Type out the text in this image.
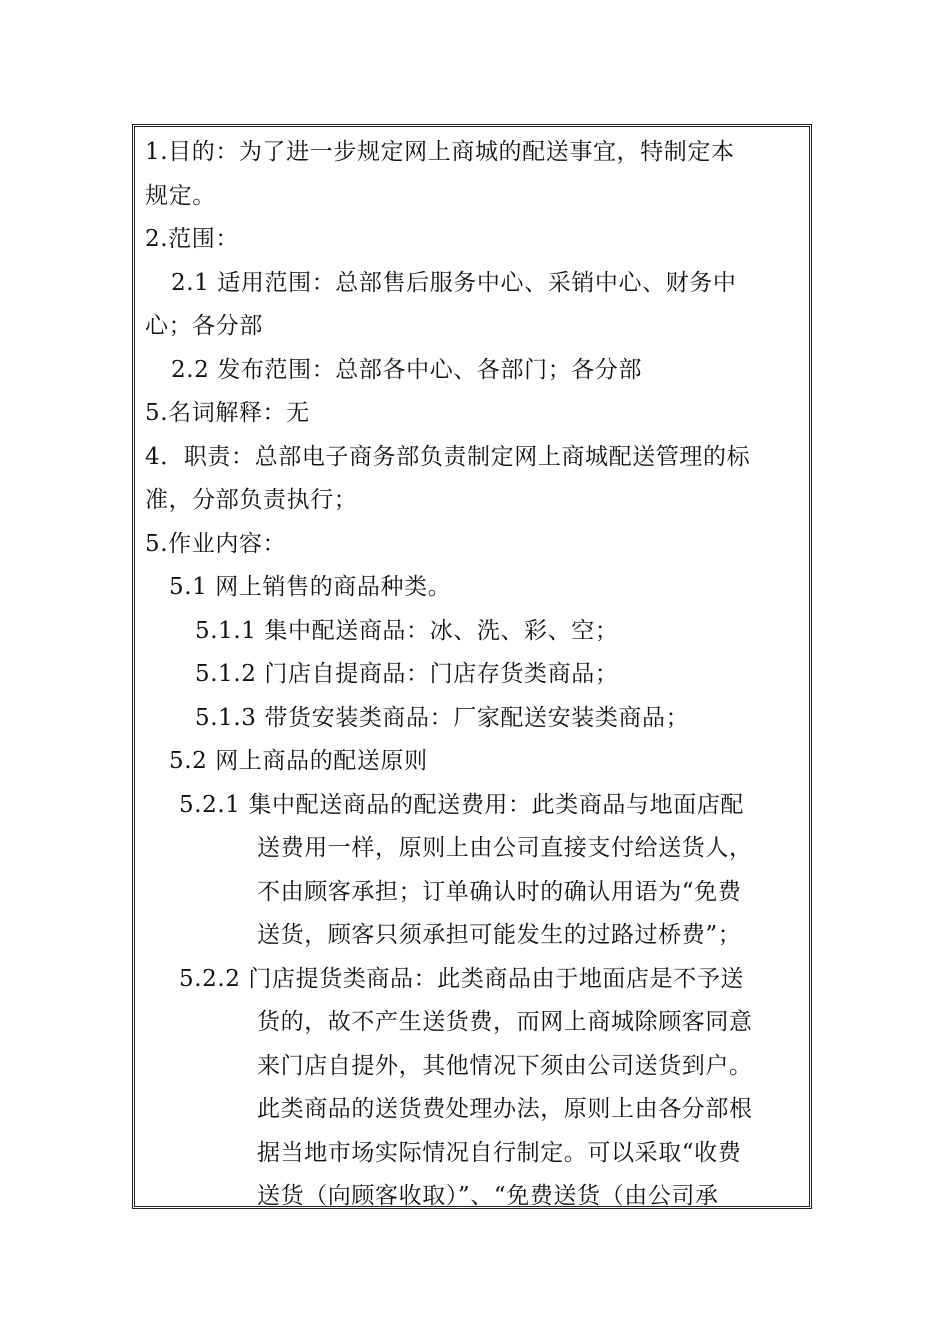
1.目的：为了进一步规定网上商城的配送事宜，特制定本
规定。
2.范围：
2.1 适用范围：总部售后服务中心、采销中心、财务中
心；各分部
2.2 发布范围：总部各中心、各部门；各分部
5.名词解释：无
4．职责：总部电子商务部负责制定网上商城配送管理的标
准，分部负责执行；
5.作业内容：
5.1 网上销售的商品种类。
5.1.1 集中配送商品：冰、洗、彩、空；
5.1.2 门店自提商品：门店存货类商品；
5.1.3 带货安装类商品：厂家配送安装类商品；
5.2 网上商品的配送原则
5.2.1 集中配送商品的配送费用：此类商品与地面店配
送费用一样，原则上由公司直接支付给送货人，
不由顾客承担；订单确认时的确认用语为“免费
送货，顾客只须承担可能发生的过路过桥费”；
5.2.2 门店提货类商品：此类商品由于地面店是不予送
货的，故不产生送货费，而网上商城除顾客同意
来门店自提外，其他情况下须由公司送货到户。
此类商品的送货费处理办法，原则上由各分部根
据当地市场实际情况自行制定。可以采取“收费
送货（向顾客收取）”、“免费送货（由公司承
